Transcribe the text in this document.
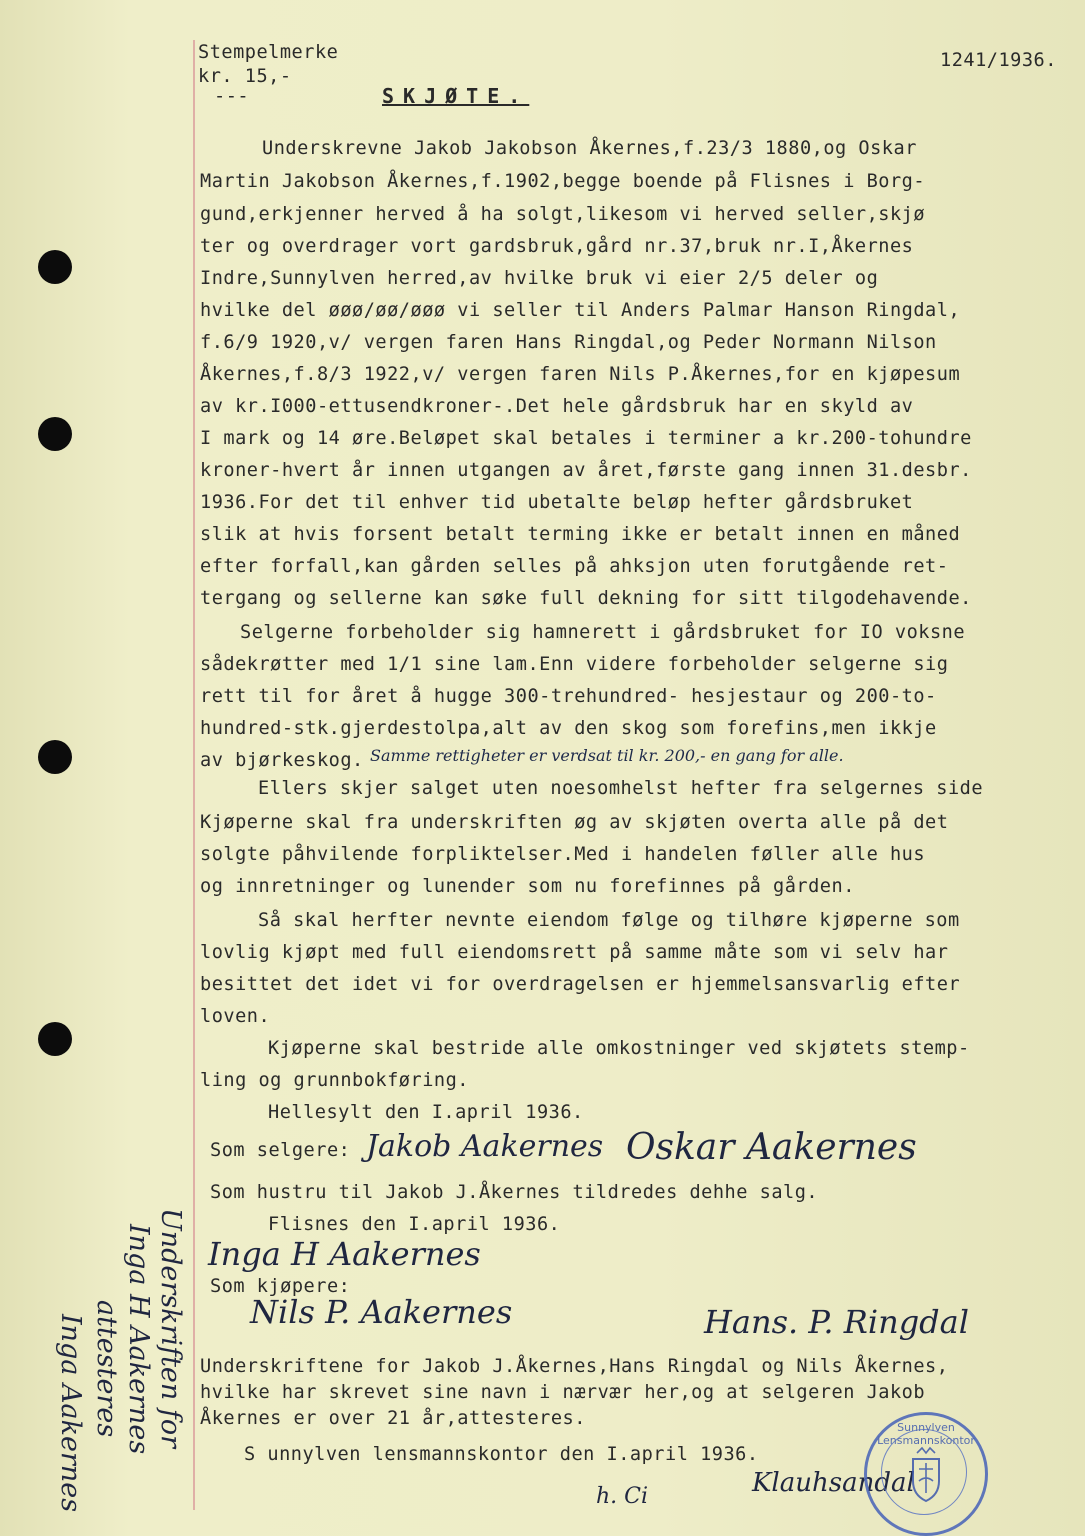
Stempelmerke
kr. 15,-
---
1241/1936.
SKJØTE.
Underskrevne Jakob Jakobson Åkernes,f.23/3 1880,og Oskar
Martin Jakobson Åkernes,f.1902,begge boende på Flisnes i Borg-
gund,erkjenner herved å ha solgt,likesom vi herved seller,skjø
ter og overdrager vort gardsbruk,gård nr.37,bruk nr.I,Åkernes
Indre,Sunnylven herred,av hvilke bruk vi eier 2/5 deler og
hvilke del øøø/øø/øøø vi seller til Anders Palmar Hanson Ringdal,
f.6/9 1920,v/ vergen faren Hans Ringdal,og Peder Normann Nilson
Åkernes,f.8/3 1922,v/ vergen faren Nils P.Åkernes,for en kjøpesum
av kr.I000-ettusendkroner-.Det hele gårdsbruk har en skyld av
I mark og 14 øre.Beløpet skal betales i terminer a kr.200-tohundre
kroner-hvert år innen utgangen av året,første gang innen 31.desbr.
1936.For det til enhver tid ubetalte beløp hefter gårdsbruket
slik at hvis forsent betalt terming ikke er betalt innen en måned
efter forfall,kan gården selles på ahksjon uten forutgående ret-
tergang og sellerne kan søke full dekning for sitt tilgodehavende.
Selgerne forbeholder sig hamnerett i gårdsbruket for IO voksne
sådekrøtter med 1/1 sine lam.Enn videre forbeholder selgerne sig
rett til for året å hugge 300-trehundred- hesjestaur og 200-to-
hundred-stk.gjerdestolpa,alt av den skog som forefins,men ikkje
av bjørkeskog. Samme rettigheter er verdsat til kr. 200,- en gang for alle.
Ellers skjer salget uten noesomhelst hefter fra selgernes side
Kjøperne skal fra underskriften øg av skjøten overta alle på det
solgte påhvilende forpliktelser.Med i handelen føller alle hus
og innretninger og lunender som nu forefinnes på gården.
Så skal herfter nevnte eiendom følge og tilhøre kjøperne som
lovlig kjøpt med full eiendomsrett på samme måte som vi selv har
besittet det idet vi for overdragelsen er hjemmelsansvarlig efter
loven.
Kjøperne skal bestride alle omkostninger ved skjøtets stemp-
ling og grunnbokføring.
Hellesylt den I.april 1936.
Som selgere:
Som hustru til Jakob J.Åkernes tildredes dehhe salg.
Flisnes den I.april 1936.
Som kjøpere:
Underskriftene for Jakob J.Åkernes,Hans Ringdal og Nils Åkernes,
hvilke har skrevet sine navn i nærvær her,og at selgeren Jakob
Åkernes er over 21 år,attesteres.
S unnylven lensmannskontor den I.april 1936.
Jakob Aakernes Oskar Aakernes
Inga H Aakernes
Nils P. Aakernes	Hans. P. Ringdal
h. Ci	Klauhsandal
Underskriften for
Inga H Aakernes
attesteres
Inga Aakernes	Sunnylven Lensmannskontor
